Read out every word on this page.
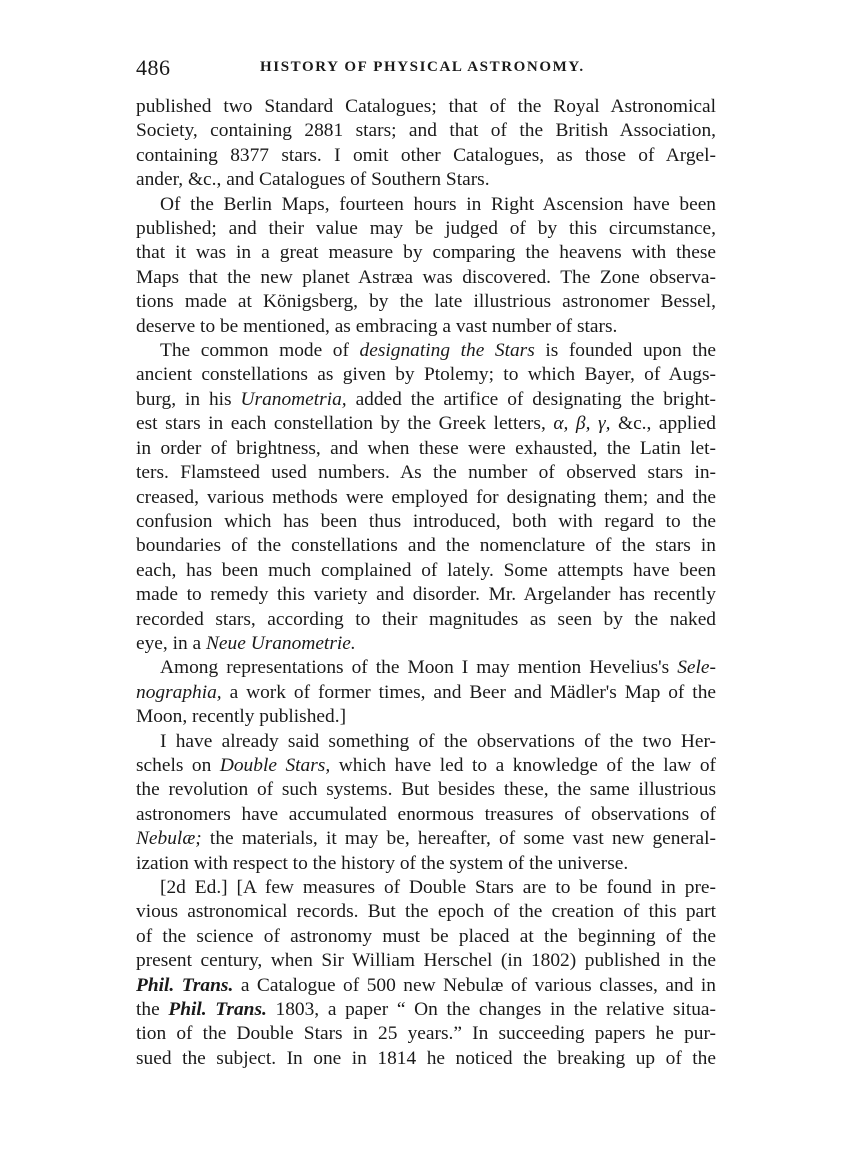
486	HISTORY OF PHYSICAL ASTRONOMY.

published two Standard Catalogues; that of the Royal Astronomical
Society, containing 2881 stars; and that of the British Association,
containing 8377 stars. I omit other Catalogues, as those of Argel-
ander, &c., and Catalogues of Southern Stars.

Of the Berlin Maps, fourteen hours in Right Ascension have been
published; and their value may be judged of by this circumstance,
that it was in a great measure by comparing the heavens with these
Maps that the new planet Astræa was discovered. The Zone observa-
tions made at Königsberg, by the late illustrious astronomer Bessel,
deserve to be mentioned, as embracing a vast number of stars.

The common mode of designating the Stars is founded upon the
ancient constellations as given by Ptolemy; to which Bayer, of Augs-
burg, in his Uranometria, added the artifice of designating the bright-
est stars in each constellation by the Greek letters, α, β, γ, &c., applied
in order of brightness, and when these were exhausted, the Latin let-
ters. Flamsteed used numbers. As the number of observed stars in-
creased, various methods were employed for designating them; and the
confusion which has been thus introduced, both with regard to the
boundaries of the constellations and the nomenclature of the stars in
each, has been much complained of lately. Some attempts have been
made to remedy this variety and disorder. Mr. Argelander has recently
recorded stars, according to their magnitudes as seen by the naked
eye, in a Neue Uranometrie.

Among representations of the Moon I may mention Hevelius's Sele-
nographia, a work of former times, and Beer and Mädler's Map of the
Moon, recently published.]

I have already said something of the observations of the two Her-
schels on Double Stars, which have led to a knowledge of the law of
the revolution of such systems. But besides these, the same illustrious
astronomers have accumulated enormous treasures of observations of
Nebulæ; the materials, it may be, hereafter, of some vast new general-
ization with respect to the history of the system of the universe.

[2d Ed.] [A few measures of Double Stars are to be found in pre-
vious astronomical records. But the epoch of the creation of this part
of the science of astronomy must be placed at the beginning of the
present century, when Sir William Herschel (in 1802) published in the
Phil. Trans. a Catalogue of 500 new Nebulæ of various classes, and in
the Phil. Trans. 1803, a paper “ On the changes in the relative situa-
tion of the Double Stars in 25 years.” In succeeding papers he pur-
sued the subject. In one in 1814 he noticed the breaking up of the
